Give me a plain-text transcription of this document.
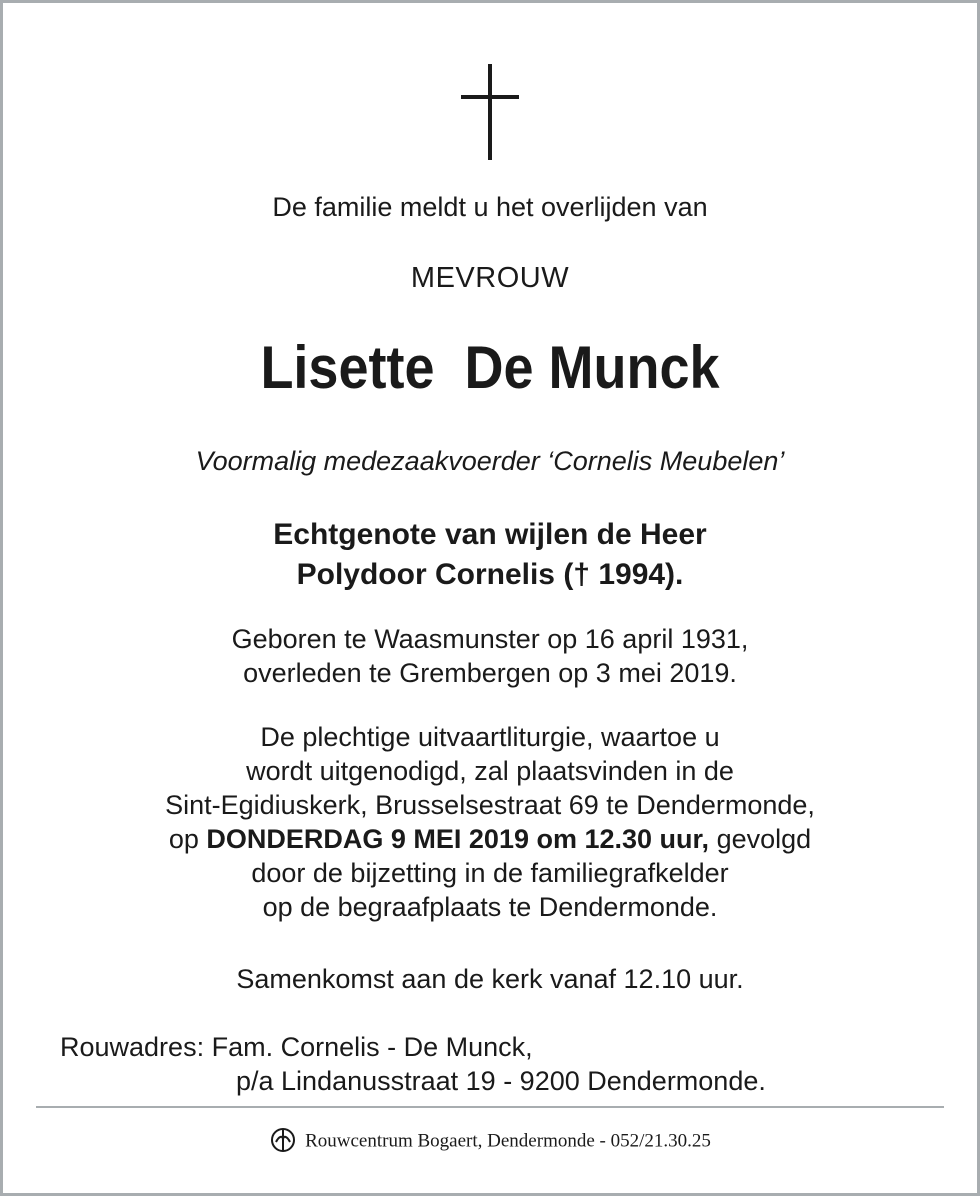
De familie meldt u het overlijden van
MEVROUW
Lisette De Munck
Voormalig medezaakvoerder ‘Cornelis Meubelen’
Echtgenote van wijlen de Heer
Polydoor Cornelis († 1994).
Geboren te Waasmunster op 16 april 1931,
overleden te Grembergen op 3 mei 2019.
De plechtige uitvaartliturgie, waartoe u
wordt uitgenodigd, zal plaatsvinden in de
Sint-Egidiuskerk, Brusselsestraat 69 te Dendermonde,
op DONDERDAG 9 MEI 2019 om 12.30 uur, gevolgd
door de bijzetting in de familiegrafkelder
op de begraafplaats te Dendermonde.
Samenkomst aan de kerk vanaf 12.10 uur.
Rouwadres: Fam. Cornelis - De Munck,
p/a Lindanusstraat 19 - 9200 Dendermonde.
Rouwcentrum Bogaert, Dendermonde - 052/21.30.25
